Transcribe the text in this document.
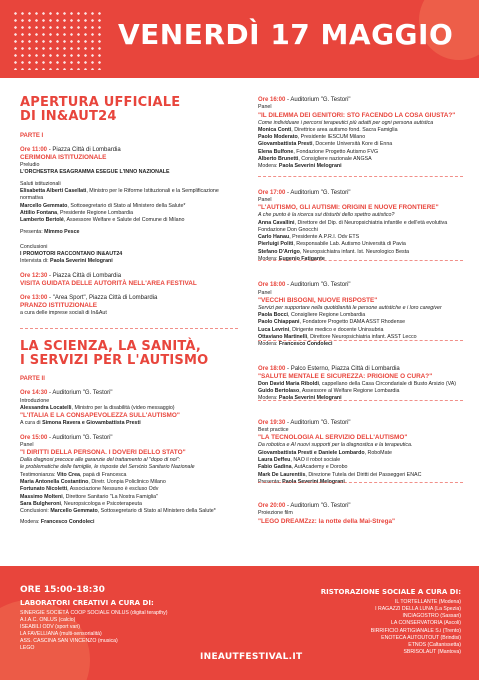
VENERDÌ 17 MAGGIO
APERTURA UFFICIALE
DI IN&AUT24
PARTE I
Ore 11:00 - Piazza Città di Lombardia
CERIMONIA ISTITUZIONALE
Preludio
L'ORCHESTRA ESAGRAMMA ESEGUE L'INNO NAZIONALE
Saluti istituzionali
Elisabetta Alberti Casellati, Ministro per le Riforme Istituzionali e la Semplificazione normativa
Marcello Gemmato, Sottosegretario di Stato al Ministero della Salute*
Attilio Fontana, Presidente Regione Lombardia
Lamberto Bertolé, Assessore Welfare e Salute del Comune di Milano
Presenta: Mimmo Pesce
Conclusioni
I PROMOTORI RACCONTANO IN&AUT24
Intervista di: Paola Severini Melograni
Ore 12:30 - Piazza Città di Lombardia
VISITA GUIDATA DELLE AUTORITÀ NELL'AREA FESTIVAL
Ore 13:00 - "Area Sport", Piazza Città di Lombardia
PRANZO ISTITUZIONALE
a cura delle imprese sociali di In&Aut
LA SCIENZA, LA SANITÀ,
I SERVIZI PER L'AUTISMO
PARTE II
Ore 14:30 - Auditorium "G. Testori"
Introduzione
Alessandra Locatelli, Ministro per la disabilità (video messaggio)
"L'ITALIA E LA CONSAPEVOLEZZA SULL'AUTISMO"
A cura di Simona Ravera e Giovambattista Presti
Ore 15:00 - Auditorium "G. Testori"
Panel
"I DIRITTI DELLA PERSONA. I DOVERI DELLO STATO"
Dalla diagnosi precoce alle garanzie del trattamento al "dopo di noi":
le problematiche delle famiglie, le risposte del Servizio Sanitario Nazionale
Testimonianza: Vito Crea, papà di Francesca
Maria Antonella Costantino, Diretr. Uonpia Policlinico Milano
Fortunato Nicoletti, Associazione Nessuno è escluso Odv
Massimo Molteni, Direttore Sanitario "La Nostra Famiglia"
Sara Bulgheroni, Neuropsicologa e Psicoterapeuta
Conclusioni: Marcello Gemmato, Sottosegretario di Stato al Ministero della Salute*
Modera: Francesco Condoleci
Ore 16:00 - Auditorium "G. Testori"
Panel
"IL DILEMMA DEI GENITORI: STO FACENDO LA COSA GIUSTA?"
Come individuare i percorsi terapeutici più adatti per ogni persona autistica
Monica Conti, Direttrice area autismo fond. Sacra Famiglia
Paolo Moderato, Presidente IESCUM Milano
Giovambattista Presti, Docente Università Kore di Enna
Elena Bulfone, Fondazione Progetto Autismo FVG
Alberto Brunetti, Consigliere nazionale ANGSA
Modera: Paola Severini Melograni
Ore 17:00 - Auditorium "G. Testori"
Panel
"L'AUTISMO, GLI AUTISMI: ORIGINI E NUOVE FRONTIERE"
A che punto è la ricerca sui disturbi dello spettro autistico?
Anna Cavallini, Direttore del Dip. di Neuropsichiatria infantile e dell'età evolutiva
Fondazione Don Gnocchi
Carlo Hanau, Presidente A.P.R.I. Odv ETS
Pierluigi Politi, Responsabile Lab. Autismo Università di Pavia
Stefano D'Arrigo, Neuropsichiatra infant. Ist. Neurologico Besta
Modera: Eugenio Fatigante
Ore 18:00 - Auditorium "G. Testori"
Panel
"VECCHI BISOGNI, NUOVE RISPOSTE"
Servizi per supportare nella quotidianità le persone autistiche e i loro caregiver
Paola Bocci, Consigliere Regione Lombardia
Paolo Chiappani, Fondatore Progetto DAMA ASST Rhodense
Luca Levrini, Dirigente medico e docente Uninsubria
Ottaviano Martinelli, Direttore Neuropsichiatria infant. ASST Lecco
Modera: Francesco Condoleci
Ore 18:00 - Palco Esterno, Piazza Città di Lombardia
"SALUTE MENTALE E SICUREZZA: PRIGIONE O CURA?"
Don David Maria Riboldi, cappellano della Casa Circondariale di Busto Arsizio (VA)
Guido Bertolaso, Assessore al Welfare Regione Lombardia
Modera: Paola Severini Melograni
Ore 19:30 - Auditorium "G. Testori"
Best practice
"LA TECNOLOGIA AL SERVIZIO DELL'AUTISMO"
Da robotica e AI nuovi supporti per la diagnostica e la terapeutica.
Giovambattista Presti e Daniele Lombardo, RoboMate
Laura Deffeu, NAO il robot sociale
Fabio Gadina, AutAcademy e Dorobo
Mark De Laurentiis, Direzione Tutela dei Diritti dei Passeggeri ENAC
Presenta: Paola Severini Melograni
Ore 20:00 - Auditorium "G. Testori"
Proiezione film
"LEGO DREAMZzz: la notte della Mai-Strega"
ORE 15:00-18:30
LABORATORI CREATIVI A CURA DI:
SINERGIE SOCIETÀ COOP SOCIALE ONLUS (digital terapthy)
A.I.A.C. ONLUS (calcio)
ISEABILI ODV (sport vari)
LA FAVELLIANA (multi-sensorialità)
ASS. CASCINA SAN VINCENZO (musica)
LEGO
RISTORAZIONE SOCIALE A CURA DI:
IL TORTELLANTE (Modena)
I RAGAZZI DELLA LUNA (La Spezia)
INCIAGOSTRO (Sassari)
LA CONSERVATORIA (Ascoli)
BIRRIFICIO ARTIGIANALE S.i (Trento)
ENOTECA AUTOUTOUT (Brindisi)
ETNOS (Caltanissetta)
SBRISOLAUT (Mantova)
INEAUTFESTIVAL.IT
